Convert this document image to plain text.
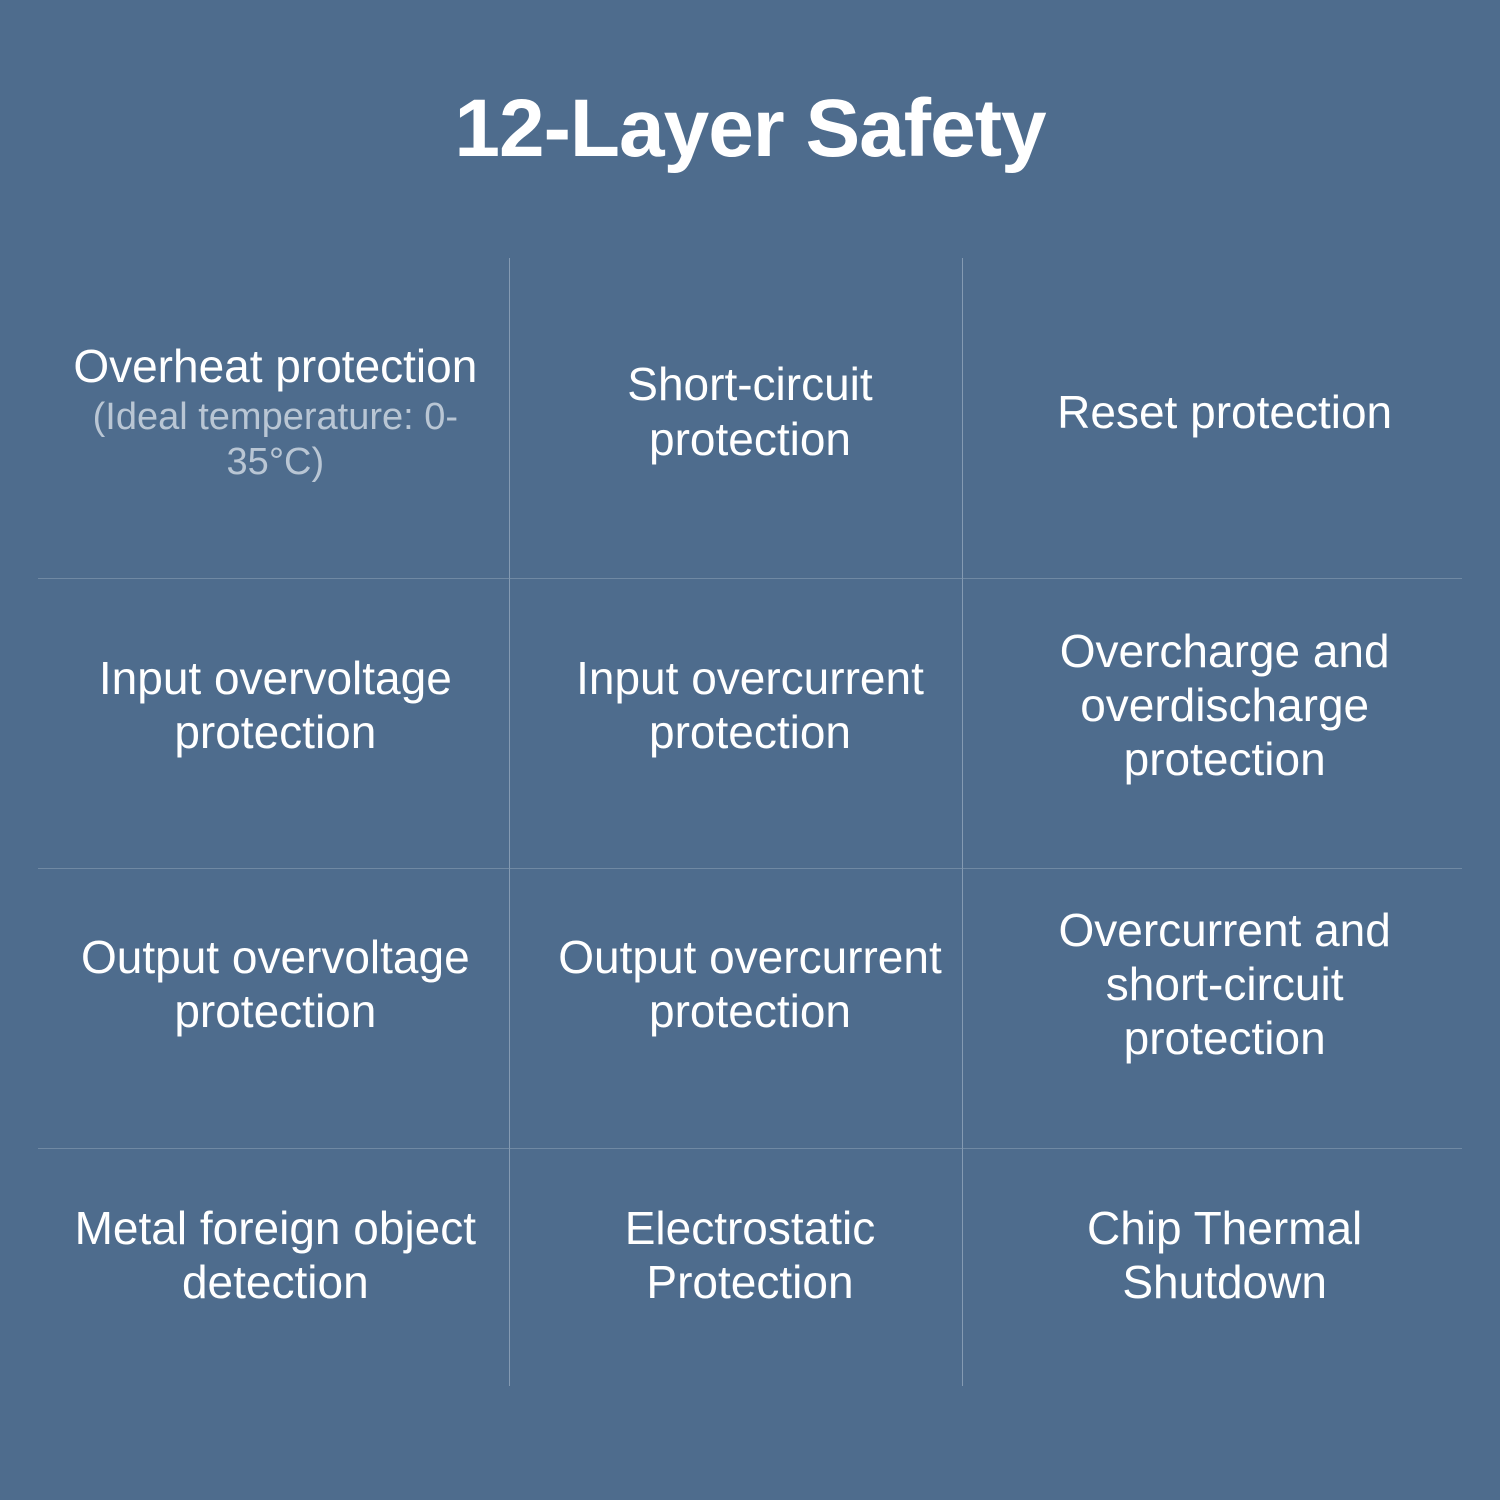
12-Layer Safety
Overheat protection
(Ideal temperature: 0-35°C)
Short-circuit protection
Reset protection
Input overvoltage protection
Input overcurrent protection
Overcharge and overdischarge protection
Output overvoltage protection
Output overcurrent protection
Overcurrent and short-circuit protection
Metal foreign object detection
Electrostatic Protection
Chip Thermal Shutdown
